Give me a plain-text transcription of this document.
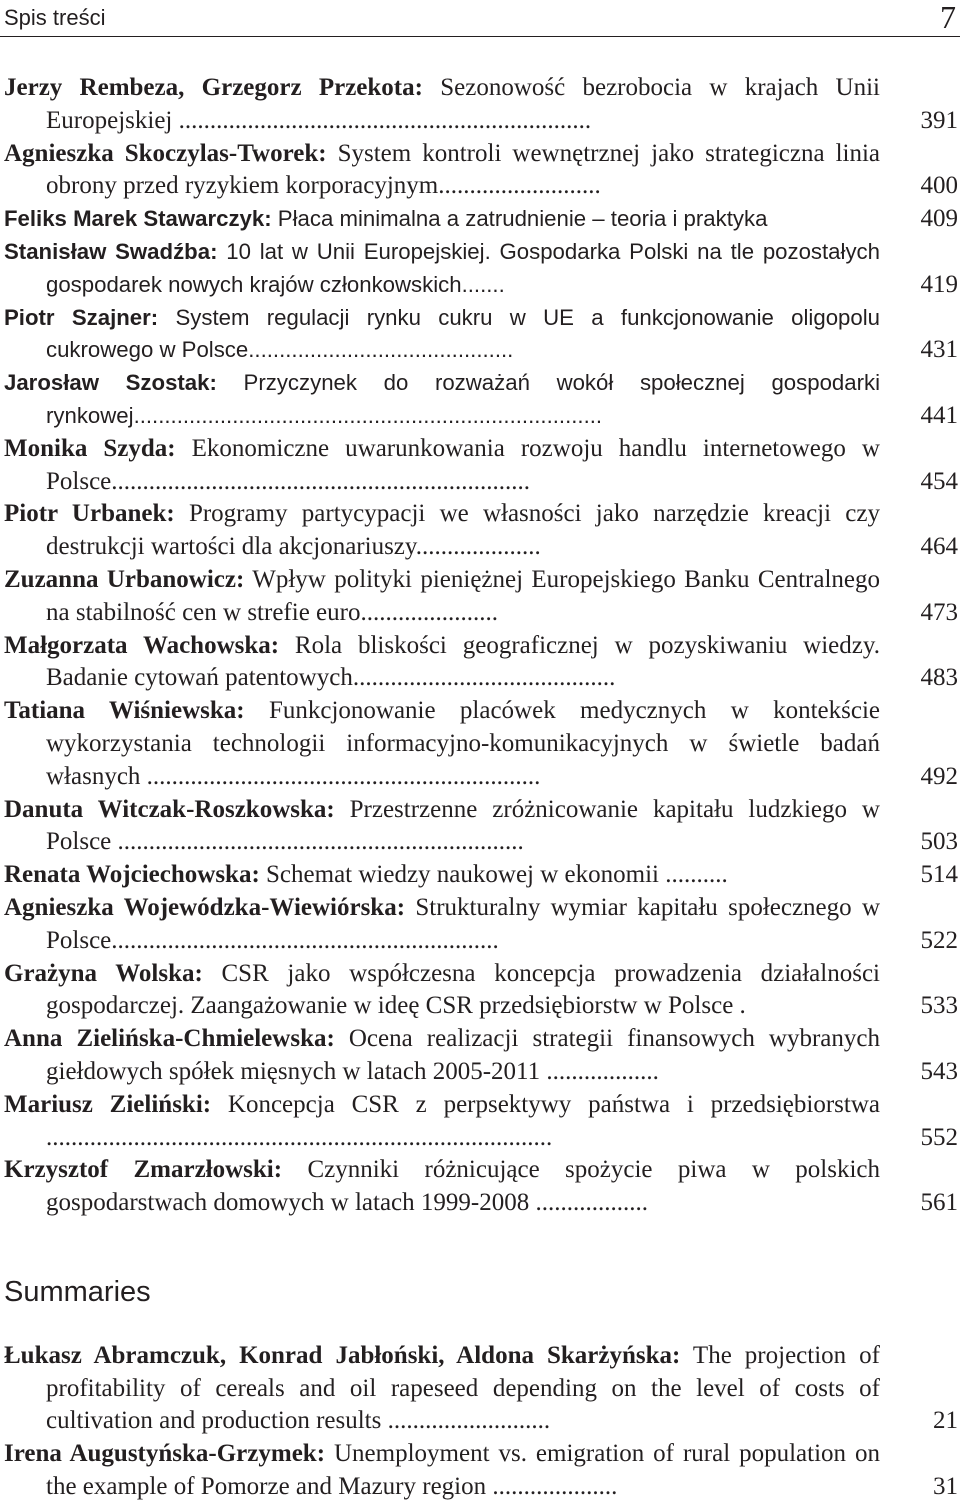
Spis treści	7
Jerzy Rembeza, Grzegorz Przekota: Sezonowość bezrobocia w krajach Unii Europejskiej ..................................................................	391
Agnieszka Skoczylas-Tworek: System kontroli wewnętrznej jako strategiczna linia obrony przed ryzykiem korporacyjnym..........................	400
Feliks Marek Stawarczyk: Płaca minimalna a zatrudnienie – teoria i praktyka	409
Stanisław Swadźba: 10 lat w Unii Europejskiej. Gospodarka Polski na tle pozostałych gospodarek nowych krajów członkowskich.......	419
Piotr Szajner: System regulacji rynku cukru w UE a funkcjonowanie oligopolu cukrowego w Polsce...........................................	431
Jarosław Szostak: Przyczynek do rozważań wokół społecznej gospodarki rynkowej............................................................................	441
Monika Szyda: Ekonomiczne uwarunkowania rozwoju handlu internetowego w Polsce...................................................................	454
Piotr Urbanek: Programy partycypacji we własności jako narzędzie kreacji czy destrukcji wartości dla akcjonariuszy....................	464
Zuzanna Urbanowicz: Wpływ polityki pieniężnej Europejskiego Banku Centralnego na stabilność cen w strefie euro......................	473
Małgorzata Wachowska: Rola bliskości geograficznej w pozyskiwaniu wiedzy. Badanie cytowań patentowych..........................................	483
Tatiana Wiśniewska: Funkcjonowanie placówek medycznych w kontekście wykorzystania technologii informacyjno-komunikacyjnych w świetle badań własnych ...............................................................	492
Danuta Witczak-Roszkowska: Przestrzenne zróżnicowanie kapitału ludzkiego w Polsce .................................................................	503
Renata Wojciechowska: Schemat wiedzy naukowej w ekonomii ..........	514
Agnieszka Wojewódzka-Wiewiórska: Strukturalny wymiar kapitału społecznego w Polsce..............................................................	522
Grażyna Wolska: CSR jako współczesna koncepcja prowadzenia działalności gospodarczej. Zaangażowanie w ideę CSR przedsiębiorstw w Polsce .	533
Anna Zielińska-Chmielewska: Ocena realizacji strategii finansowych wybranych giełdowych spółek mięsnych w latach 2005-2011 ..................	543
Mariusz Zieliński: Koncepcja CSR z perpsektywy państwa i przedsiębiorstwa .................................................................................	552
Krzysztof Zmarzłowski: Czynniki różnicujące spożycie piwa w polskich gospodarstwach domowych w latach 1999-2008 ..................	561
Summaries
Łukasz Abramczuk, Konrad Jabłoński, Aldona Skarżyńska: The projection of profitability of cereals and oil rapeseed depending on the level of costs of cultivation and production results ..........................	21
Irena Augustyńska-Grzymek: Unemployment vs. emigration of rural population on the example of Pomorze and Mazury region ....................	31
